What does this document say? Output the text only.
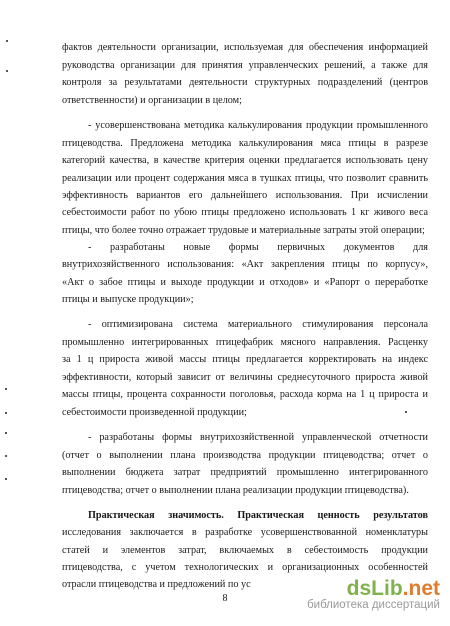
фактов деятельности организации, используемая для обеспечения информацией
руководства организации для принятия управленческих решений, а также для
контроля за результатами деятельности структурных подразделений (центров
ответственности) и организации в целом;
- усовершенствована методика калькулирования продукции промышленного
птицеводства. Предложена методика калькулирования мяса птицы в разрезе
категорий качества, в качестве критерия оценки предлагается использовать цену
реализации или процент содержания мяса в тушках птицы, что позволит сравнить
эффективность вариантов его дальнейшего использования. При исчислении
себестоимости работ по убою птицы предложено использовать 1 кг живого веса
птицы, что более точно отражает трудовые и материальные затраты этой операции;
- разработаны новые формы первичных документов для
внутрихозяйственного использования: «Акт закрепления птицы по корпусу»,
«Акт о забое птицы и выходе продукции и отходов» и «Рапорт о переработке
птицы и выпуске продукции»;
- оптимизирована система материального стимулирования персонала
промышленно интегрированных птицефабрик мясного направления. Расценку
за 1 ц прироста живой массы птицы предлагается корректировать на индекс
эффективности, который зависит от величины среднесуточного прироста живой
массы птицы, процента сохранности поголовья, расхода корма на 1 ц прироста и
себестоимости произведенной продукции;
- разработаны формы внутрихозяйственной управленческой отчетности
(отчет о выполнении плана производства продукции птицеводства; отчет о
выполнении бюджета затрат предприятий промышленно интегрированного
птицеводства; отчет о выполнении плана реализации продукции птицеводства).
Практическая значимость. Практическая ценность результатов
исследования заключается в разработке усовершенствованной номенклатуры
статей и элементов затрат, включаемых в себестоимость продукции
птицеводства, с учетом технологических и организационных особенностей
отрасли птицеводства и предложений по ус
8	dsLib.net
библиотека диссертаций
